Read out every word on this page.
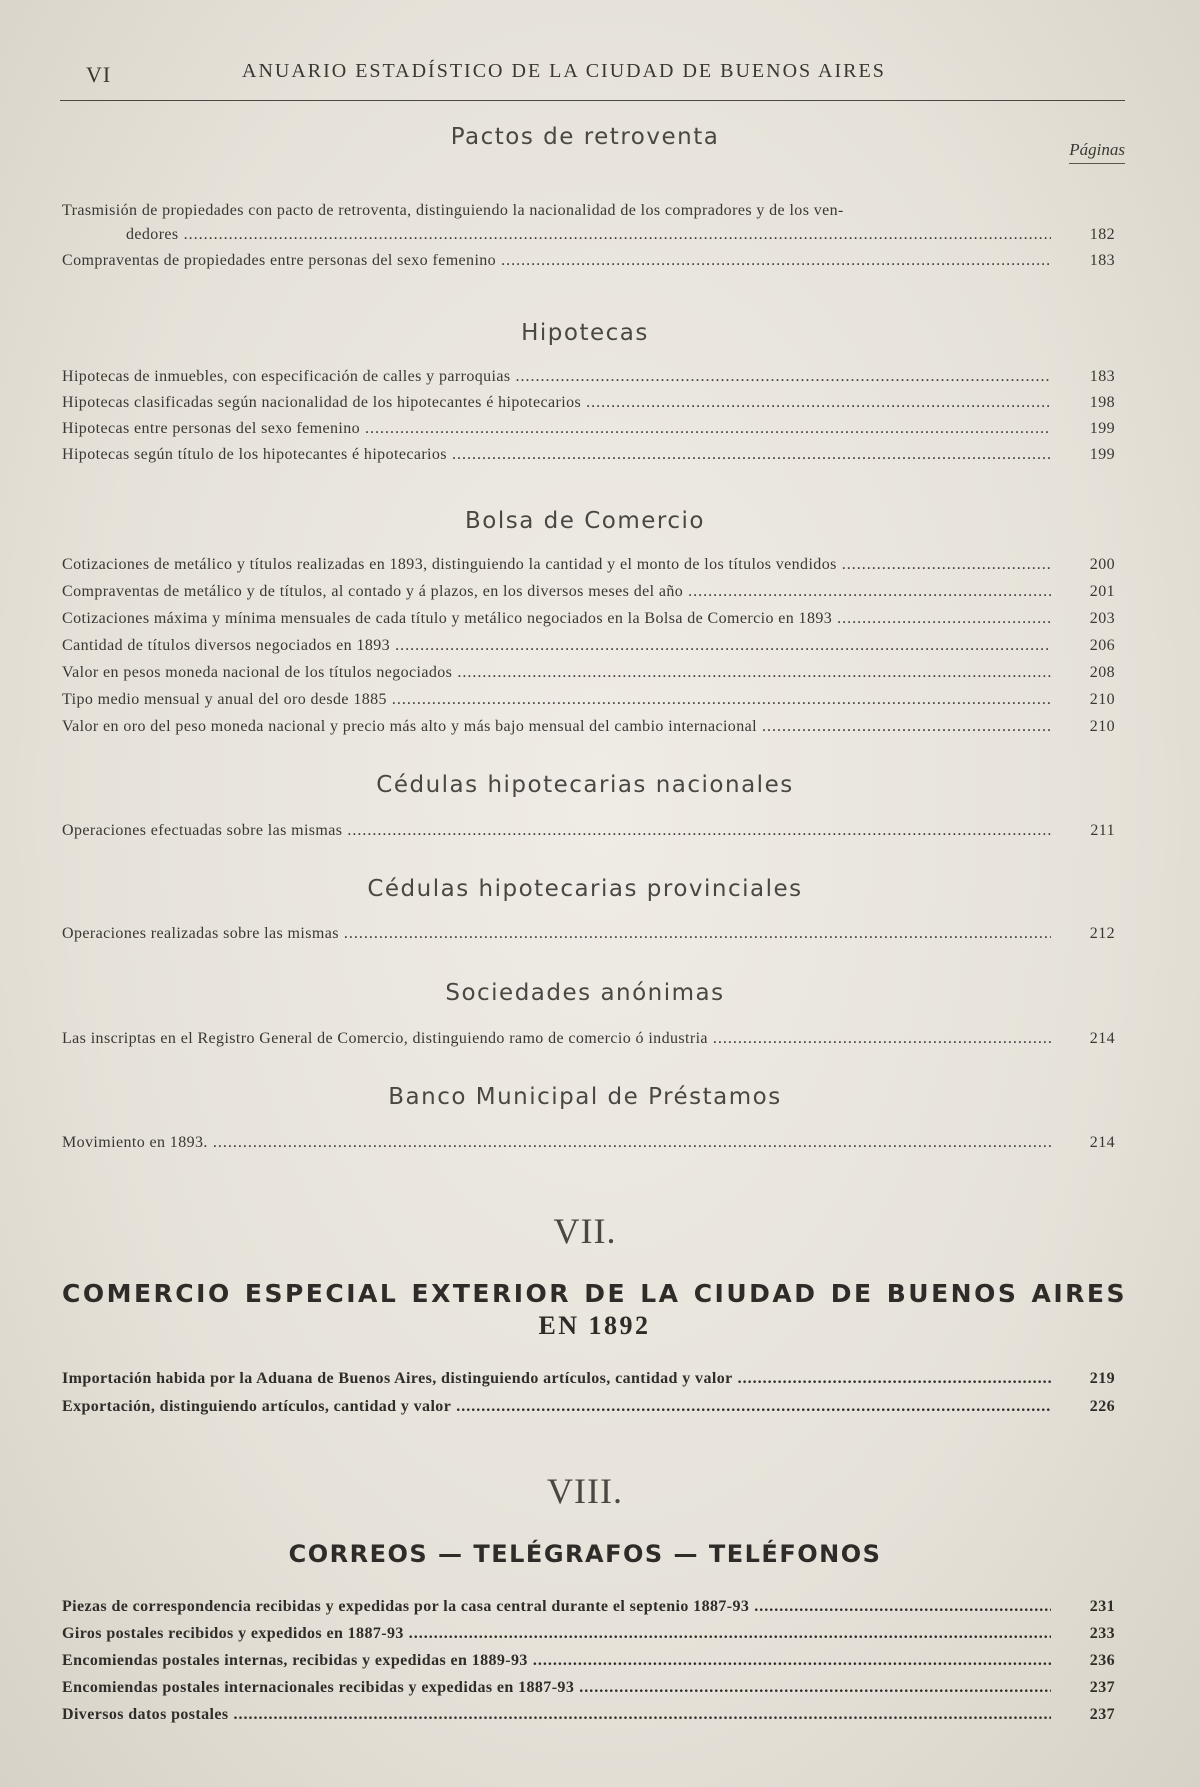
VI	ANUARIO ESTADÍSTICO DE LA CIUDAD DE BUENOS AIRES
Páginas
Pactos de retroventa
Trasmisión de propiedades con pacto de retroventa, distinguiendo la nacionalidad de los compradores y de los ven-
dedores .....	182
Compraventas de propiedades entre personas del sexo femenino .....	183
Hipotecas
Hipotecas de inmuebles, con especificación de calles y parroquias .....	183
Hipotecas clasificadas según nacionalidad de los hipotecantes é hipotecarios .....	198
Hipotecas entre personas del sexo femenino .....	199
Hipotecas según título de los hipotecantes é hipotecarios .....	199
Bolsa de Comercio
Cotizaciones de metálico y títulos realizadas en 1893, distinguiendo la cantidad y el monto de los títulos vendidos .....	200
Compraventas de metálico y de títulos, al contado y á plazos, en los diversos meses del año .....	201
Cotizaciones máxima y mínima mensuales de cada título y metálico negociados en la Bolsa de Comercio en 1893 .....	203
Cantidad de títulos diversos negociados en 1893 .....	206
Valor en pesos moneda nacional de los títulos negociados .....	208
Tipo medio mensual y anual del oro desde 1885 .....	210
Valor en oro del peso moneda nacional y precio más alto y más bajo mensual del cambio internacional .....	210
Cédulas hipotecarias nacionales
Operaciones efectuadas sobre las mismas .....	211
Cédulas hipotecarias provinciales
Operaciones realizadas sobre las mismas .....	212
Sociedades anónimas
Las inscriptas en el Registro General de Comercio, distinguiendo ramo de comercio ó industria .....	214
Banco Municipal de Préstamos
Movimiento en 1893. .....	214
VII.
COMERCIO ESPECIAL EXTERIOR DE LA CIUDAD DE BUENOS AIRES
EN 1892
Importación habida por la Aduana de Buenos Aires, distinguiendo artículos, cantidad y valor .....	219
Exportación, distinguiendo artículos, cantidad y valor .....	226
VIII.
CORREOS — TELÉGRAFOS — TELÉFONOS
Piezas de correspondencia recibidas y expedidas por la casa central durante el septenio 1887-93 .....	231
Giros postales recibidos y expedidos en 1887-93 .....	233
Encomiendas postales internas, recibidas y expedidas en 1889-93 .....	236
Encomiendas postales internacionales recibidas y expedidas en 1887-93 .....	237
Diversos datos postales .....	237
